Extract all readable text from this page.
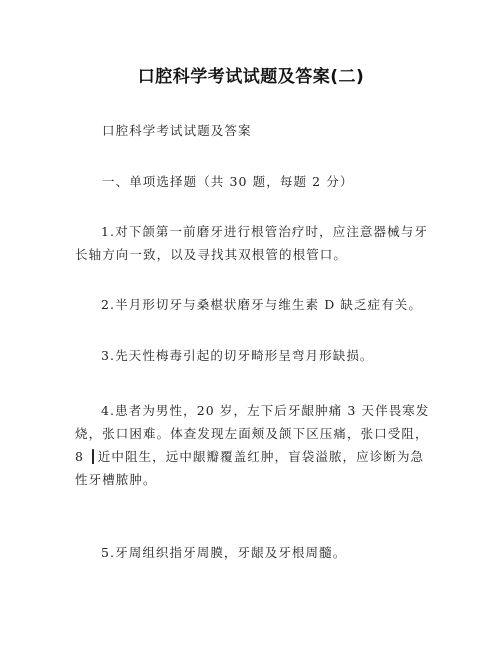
口腔科学考试试题及答案(二)
口腔科学考试试题及答案
一、单项选择题（共 30 题，每题 2 分）
1.对下颌第一前磨牙进行根管治疗时，应注意器械与牙长轴方向一致，以及寻找其双根管的根管口。
2.半月形切牙与桑椹状磨牙与维生素 D 缺乏症有关。
3.先天性梅毒引起的切牙畸形呈弯月形缺损。
4.患者为男性，20 岁，左下后牙龈肿痛 3 天伴畏寒发烧，张口困难。体查发现左面颊及颌下区压痛，张口受阻， 8 ┃近中阻生，远中龈瓣覆盖红肿，盲袋溢脓，应诊断为急性牙槽脓肿。
5.牙周组织指牙周膜，牙龈及牙根周髓。
